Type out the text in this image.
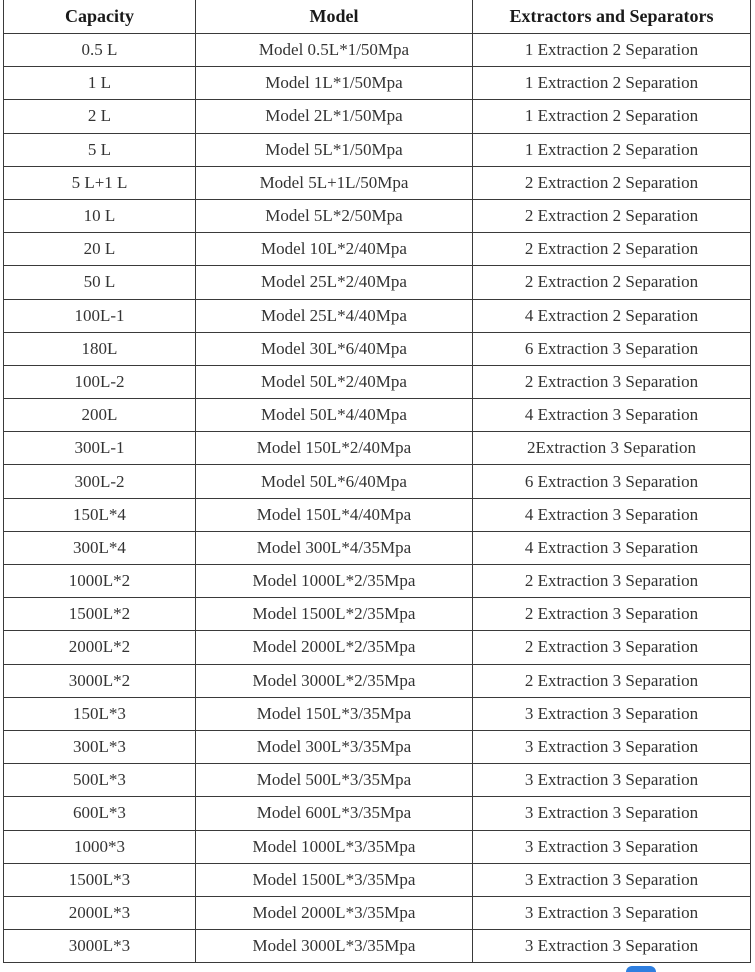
Capacity	Model	Extractors and Separators
0.5 L	Model 0.5L*1/50Mpa	1 Extraction 2 Separation
1 L	Model 1L*1/50Mpa	1 Extraction 2 Separation
2 L	Model 2L*1/50Mpa	1 Extraction 2 Separation
5 L	Model 5L*1/50Mpa	1 Extraction 2 Separation
5 L+1 L	Model 5L+1L/50Mpa	2 Extraction 2 Separation
10 L	Model 5L*2/50Mpa	2 Extraction 2 Separation
20 L	Model 10L*2/40Mpa	2 Extraction 2 Separation
50 L	Model 25L*2/40Mpa	2 Extraction 2 Separation
100L-1	Model 25L*4/40Mpa	4 Extraction 2 Separation
180L	Model 30L*6/40Mpa	6 Extraction 3 Separation
100L-2	Model 50L*2/40Mpa	2 Extraction 3 Separation
200L	Model 50L*4/40Mpa	4 Extraction 3 Separation
300L-1	Model 150L*2/40Mpa	2Extraction 3 Separation
300L-2	Model 50L*6/40Mpa	6 Extraction 3 Separation
150L*4	Model 150L*4/40Mpa	4 Extraction 3 Separation
300L*4	Model 300L*4/35Mpa	4 Extraction 3 Separation
1000L*2	Model 1000L*2/35Mpa	2 Extraction 3 Separation
1500L*2	Model 1500L*2/35Mpa	2 Extraction 3 Separation
2000L*2	Model 2000L*2/35Mpa	2 Extraction 3 Separation
3000L*2	Model 3000L*2/35Mpa	2 Extraction 3 Separation
150L*3	Model 150L*3/35Mpa	3 Extraction 3 Separation
300L*3	Model 300L*3/35Mpa	3 Extraction 3 Separation
500L*3	Model 500L*3/35Mpa	3 Extraction 3 Separation
600L*3	Model 600L*3/35Mpa	3 Extraction 3 Separation
1000*3	Model 1000L*3/35Mpa	3 Extraction 3 Separation
1500L*3	Model 1500L*3/35Mpa	3 Extraction 3 Separation
2000L*3	Model 2000L*3/35Mpa	3 Extraction 3 Separation
3000L*3	Model 3000L*3/35Mpa	3 Extraction 3 Separation
